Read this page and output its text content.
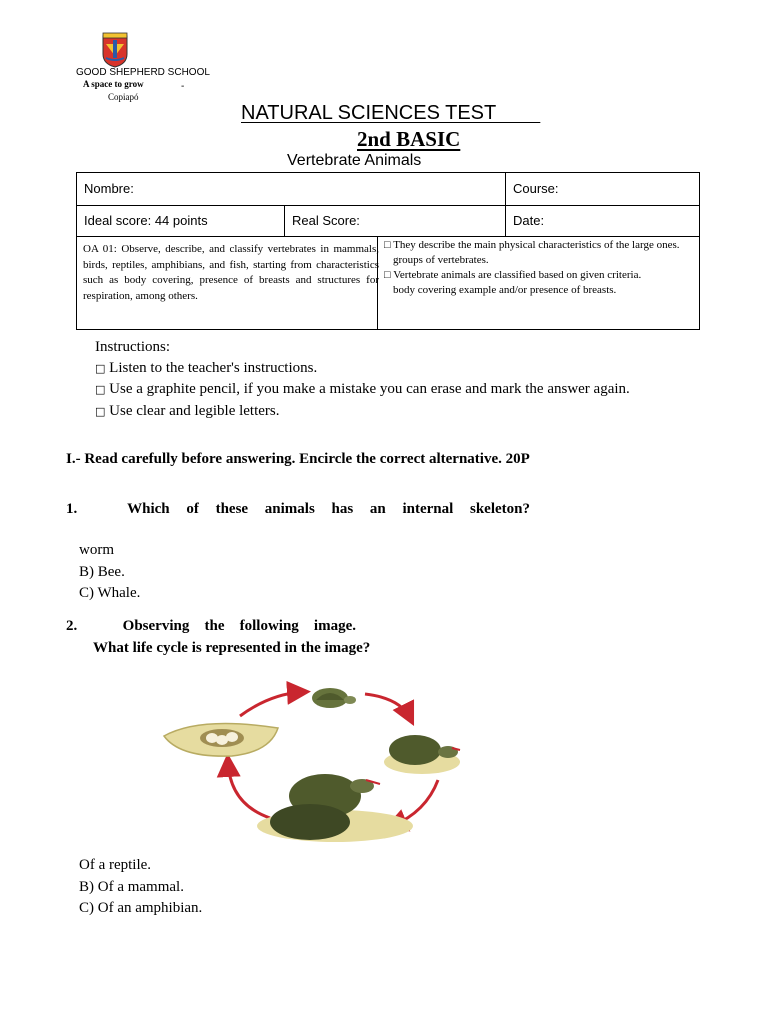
GOOD SHEPHERD SCHOOL
A space to grow	-
Copiapó
NATURAL SCIENCES TEST
2nd BASIC
Vertebrate Animals
Nombre:	Course:
Ideal score: 44 points	Real Score:	Date:
OA 01: Observe, describe, and classify vertebrates in mammals, birds, reptiles, amphibians, and fish, starting from characteristics such as body covering, presence of breasts and structures for respiration, among others.
□ They describe the main physical characteristics of the large ones.
groups of vertebrates.
□ Vertebrate animals are classified based on given criteria.
body covering example and/or presence of breasts.
Instructions:
□ Listen to the teacher's instructions.
□ Use a graphite pencil, if you make a mistake you can erase and mark the answer again.
□ Use clear and legible letters.
I.- Read carefully before answering. Encircle the correct alternative. 20P
1.	Which of these animals has an internal skeleton?
worm
B) Bee.
C) Whale.
2.	Observing the following image.
What life cycle is represented in the image?
Of a reptile.
B) Of a mammal.
C) Of an amphibian.
